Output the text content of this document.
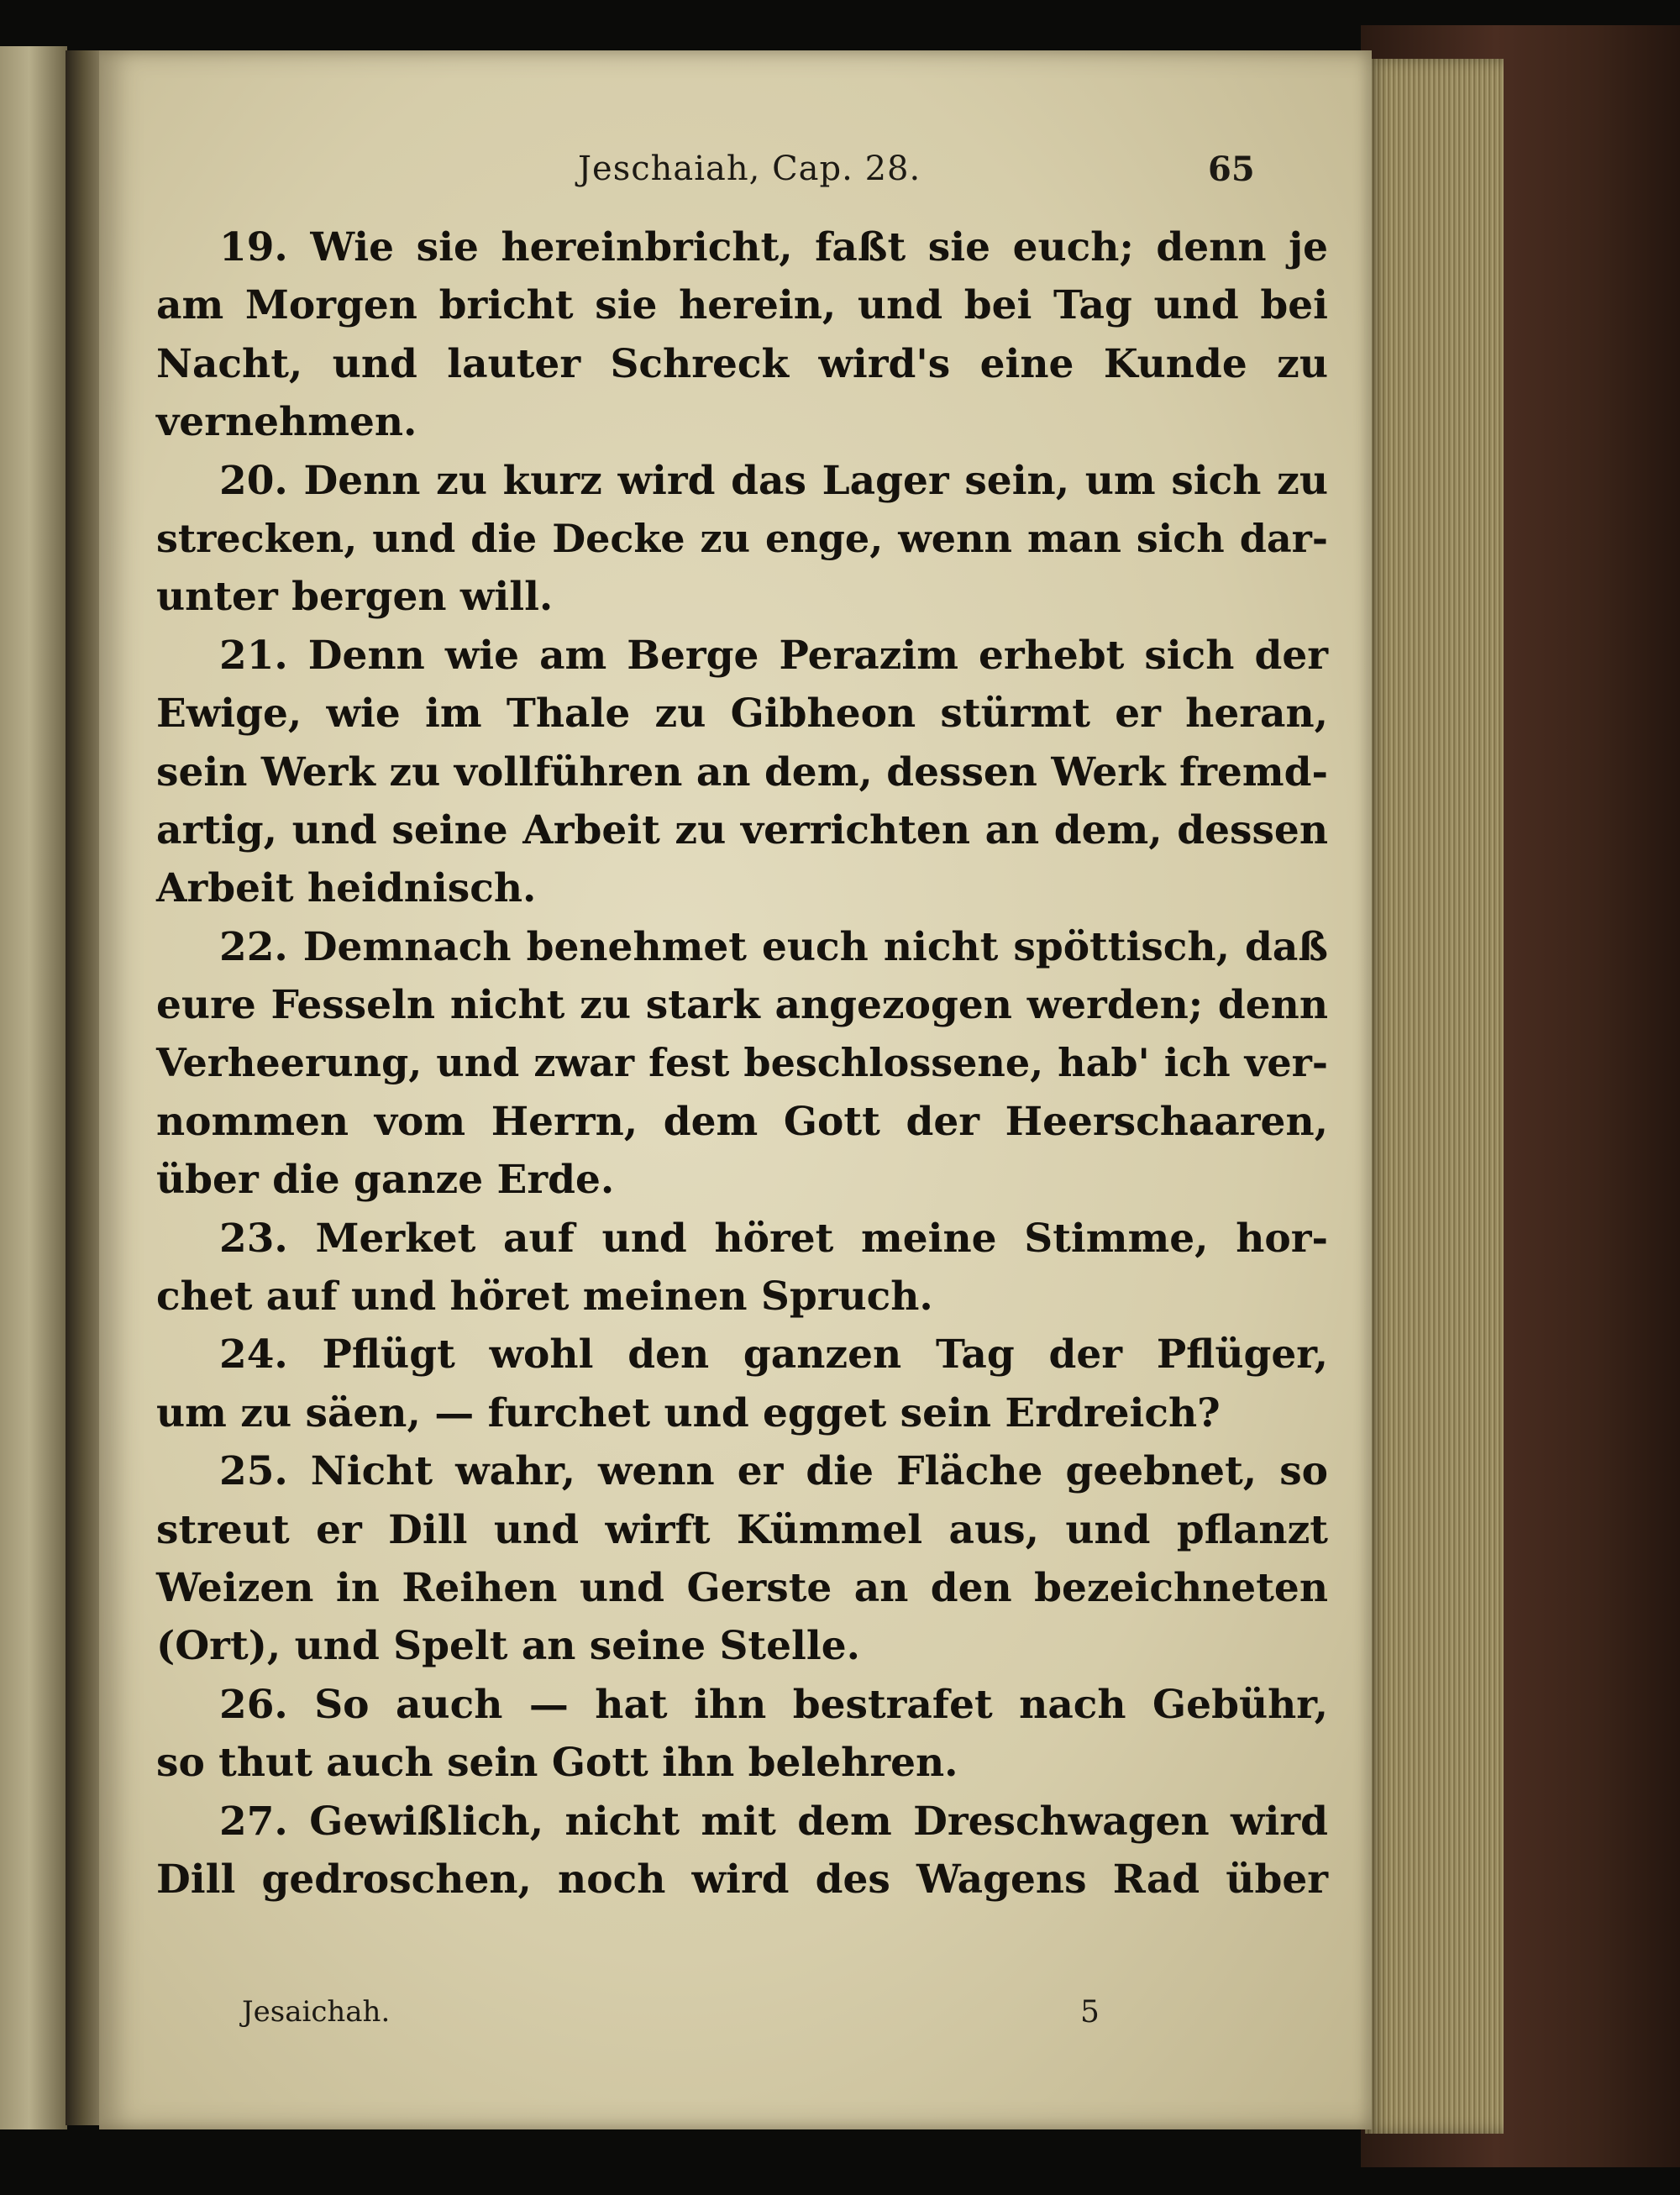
Jeschaiah, Cap. 28.	65
19. Wie sie hereinbricht, faßt sie euch; denn je
am Morgen bricht sie herein, und bei Tag und bei
Nacht, und lauter Schreck wird's eine Kunde zu
vernehmen.
20. Denn zu kurz wird das Lager sein, um sich zu
strecken, und die Decke zu enge, wenn man sich dar-
unter bergen will.
21. Denn wie am Berge Perazim erhebt sich der
Ewige, wie im Thale zu Gibheon stürmt er heran,
sein Werk zu vollführen an dem, dessen Werk fremd-
artig, und seine Arbeit zu verrichten an dem, dessen
Arbeit heidnisch.
22. Demnach benehmet euch nicht spöttisch, daß
eure Fesseln nicht zu stark angezogen werden; denn
Verheerung, und zwar fest beschlossene, hab' ich ver-
nommen vom Herrn, dem Gott der Heerschaaren,
über die ganze Erde.
23. Merket auf und höret meine Stimme, hor-
chet auf und höret meinen Spruch.
24. Pflügt wohl den ganzen Tag der Pflüger,
um zu säen, — furchet und egget sein Erdreich?
25. Nicht wahr, wenn er die Fläche geebnet, so
streut er Dill und wirft Kümmel aus, und pflanzt
Weizen in Reihen und Gerste an den bezeichneten
(Ort), und Spelt an seine Stelle.
26. So auch — hat ihn bestrafet nach Gebühr,
so thut auch sein Gott ihn belehren.
27. Gewißlich, nicht mit dem Dreschwagen wird
Dill gedroschen, noch wird des Wagens Rad über
Jesaichah.	5
